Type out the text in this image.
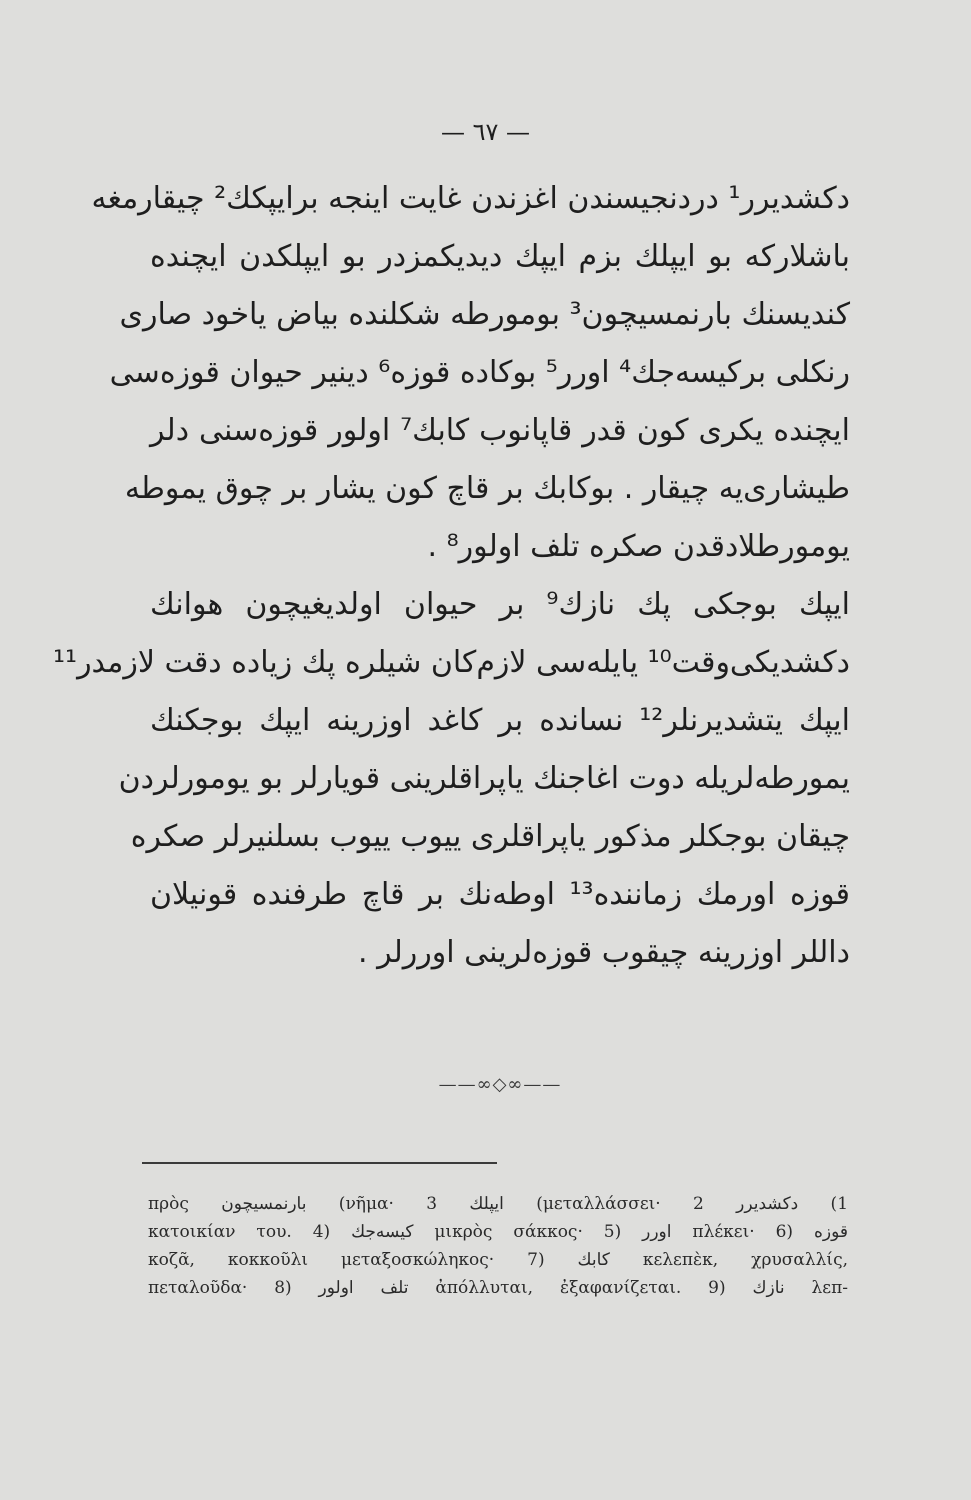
— ٦٧ —
دكشديرر¹ دردنجيسندن اغزندن غايت اينجه برايپكك² چيقارمغه
باشلارکه بو ايپلك بزم ايپك ديديكمزدر بو ايپلكدن ايچنده
كنديسنك بارنمسيچون³ بومورطه شكلنده بياض ياخود صارى
رنكلى بركيسه‌جك⁴ اورر⁵ بوكاده قوزه⁶ دينير حيوان قوزه‌سى
ايچنده يكرى كون قدر قاپانوب كابك⁷ اولور قوزه‌سنى دلر
طيشارى‌يه چيقار . بوكابك بر قاچ كون يشار بر چوق يموطه
يومورطلادقدن صكره تلف اولور⁸ .
ايپك بوجكى پك نازك⁹ بر حيوان اولديغيچون هوانك
دكشديكى‌وقت¹⁰ يايله‌سى لازم‌كان شيلره پك زياده دقت لازمدر¹¹
ايپك يتشديرنلر¹² نسانده بر كاغد اوزرينه ايپك بوجكنك
يمورطه‌لريله دوت اغاجنك ياپراقلرينى قويارلر بو يومورلردن
چيقان بوجكلر مذكور ياپراقلرى ييوب ييوب بسلنيرلر صكره
قوزه اورمك زماننده¹³ اوطه‌نك بر قاچ طرفنده قونيلان
داللر اوزرينه چيقوب قوزه‌لرينى اوررلر .
——∞◇∞——
1) دكشديرر μεταλλάσσει· 2) ايپلك νῆμα· 3) بارنمسيچون πρὸς
κατοικίαν του. 4) كيسه‌جك μικρὸς σάκκος· 5) اورر πλέκει· 6) قوزه
κοζᾶ, κοκκοῦλι μεταξοσκώληκος· 7) كابك κελεπὲκ, χρυσαλλίς,
πεταλοῦδα· 8) تلف اولور ἀπόλλυται, ἐξαφανίζεται. 9) نازك λεπ-
